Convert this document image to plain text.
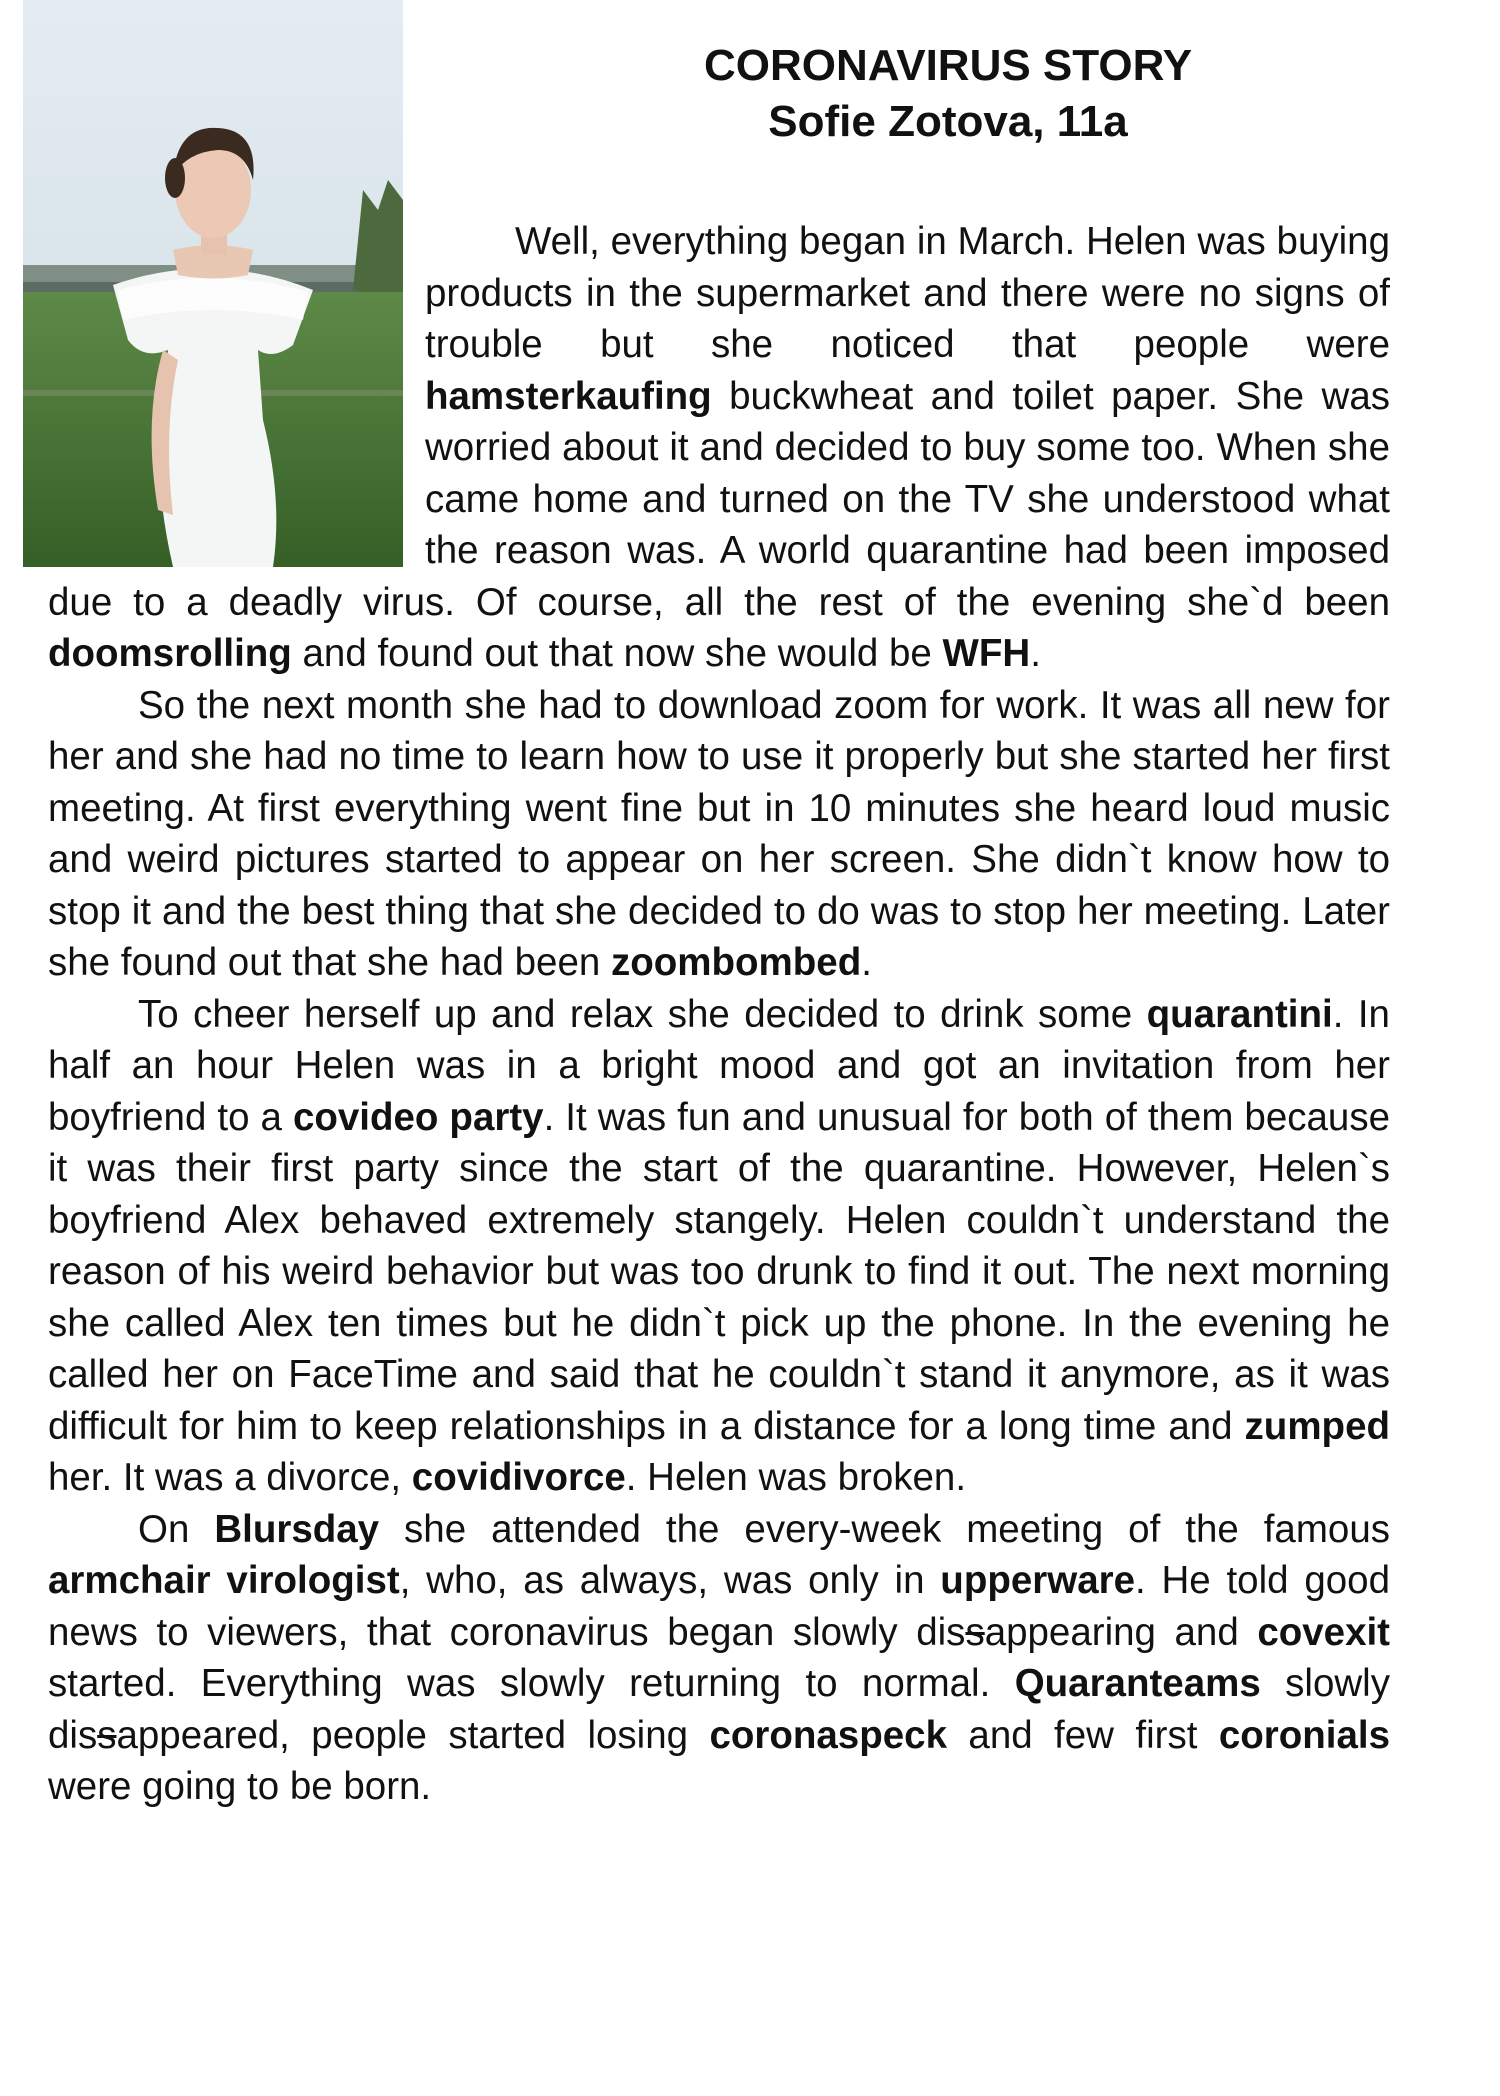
CORONAVIRUS STORY
Sofie Zotova, 11a

Well, everything began in March. Helen was buying products in the supermarket and there were no signs of trouble but she noticed that people were hamsterkaufing buckwheat and toilet paper. She was worried about it and decided to buy some too. When she came home and turned on the TV she understood what the reason was. A world quarantine had been imposed due to a deadly virus. Of course, all the rest of the evening she`d been doomsrolling and found out that now she would be WFH.

So the next month she had to download zoom for work. It was all new for her and she had no time to learn how to use it properly but she started her first meeting. At first everything went fine but in 10 minutes she heard loud music and weird pictures started to appear on her screen. She didn`t know how to stop it and the best thing that she decided to do was to stop her meeting. Later she found out that she had been zoombombed.

To cheer herself up and relax she decided to drink some quarantini. In half an hour Helen was in a bright mood and got an invitation from her boyfriend to a covideo party. It was fun and unusual for both of them because it was their first party since the start of the quarantine. However, Helen`s boyfriend Alex behaved extremely stangely. Helen couldn`t understand the reason of his weird behavior but was too drunk to find it out. The next morning she called Alex ten times but he didn`t pick up the phone. In the evening he called her on FaceTime and said that he couldn`t stand it anymore, as it was difficult for him to keep relationships in a distance for a long time and zumped her. It was a divorce, covidivorce. Helen was broken.

On Blursday she attended the every-week meeting of the famous armchair virologist, who, as always, was only in upperware. He told good news to viewers, that coronavirus began slowly dissappearing and covexit started. Everything was slowly returning to normal. Quaranteams slowly dissappeared, people started losing coronaspeck and few first coronials were going to be born.
